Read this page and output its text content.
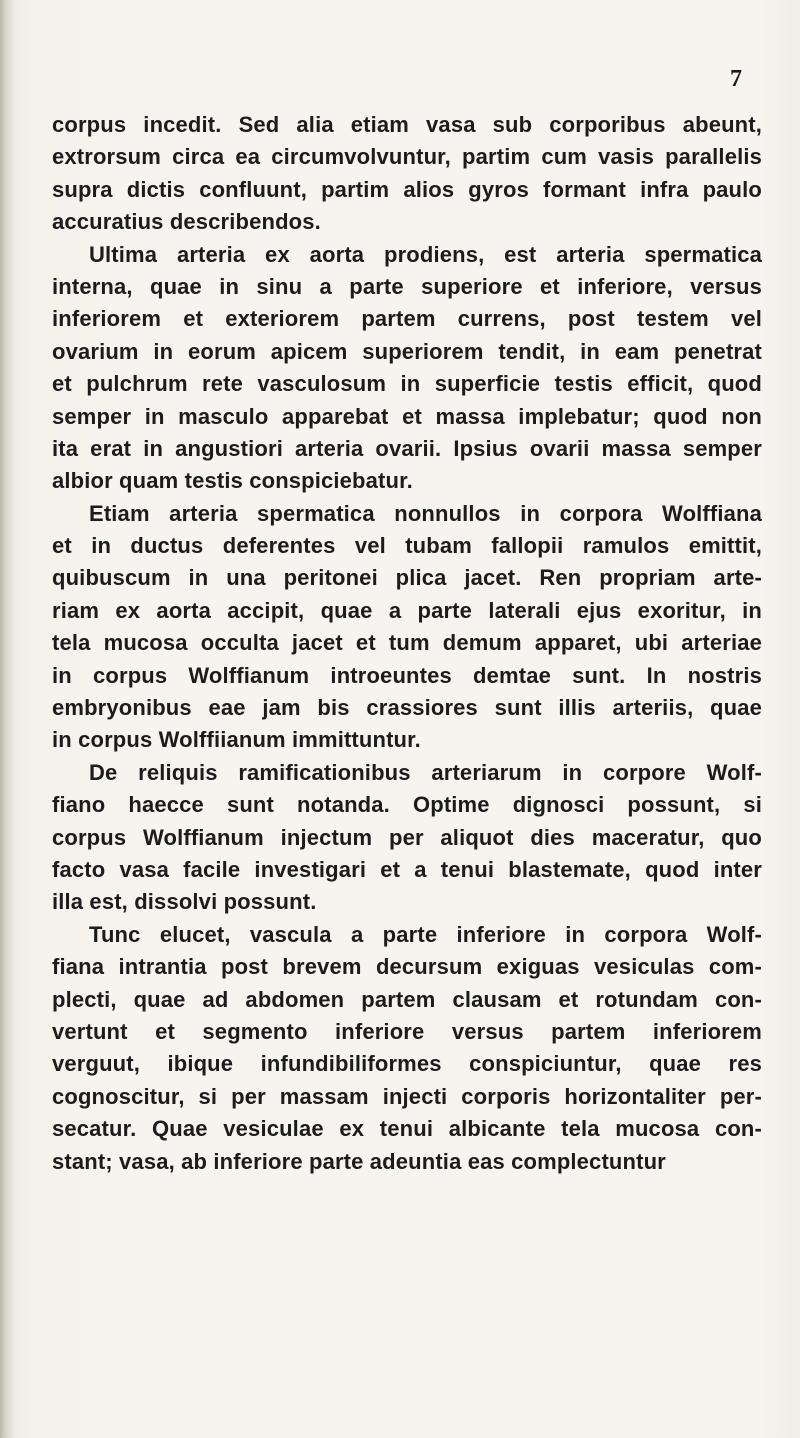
7
corpus incedit. Sed alia etiam vasa sub corporibus abeunt,
extrorsum circa ea circumvolvuntur, partim cum vasis parallelis
supra dictis confluunt, partim alios gyros formant infra paulo
accuratius describendos.
Ultima arteria ex aorta prodiens, est arteria spermatica
interna, quae in sinu a parte superiore et inferiore, versus
inferiorem et exteriorem partem currens, post testem vel
ovarium in eorum apicem superiorem tendit, in eam penetrat
et pulchrum rete vasculosum in superficie testis efficit, quod
semper in masculo apparebat et massa implebatur; quod non
ita erat in angustiori arteria ovarii. Ipsius ovarii massa semper
albior quam testis conspiciebatur.
Etiam arteria spermatica nonnullos in corpora Wolffiana
et in ductus deferentes vel tubam fallopii ramulos emittit,
quibuscum in una peritonei plica jacet. Ren propriam arte-
riam ex aorta accipit, quae a parte laterali ejus exoritur, in
tela mucosa occulta jacet et tum demum apparet, ubi arteriae
in corpus Wolffianum introeuntes demtae sunt. In nostris
embryonibus eae jam bis crassiores sunt illis arteriis, quae
in corpus Wolffiianum immittuntur.
De reliquis ramificationibus arteriarum in corpore Wolf-
fiano haecce sunt notanda. Optime dignosci possunt, si
corpus Wolffianum injectum per aliquot dies maceratur, quo
facto vasa facile investigari et a tenui blastemate, quod inter
illa est, dissolvi possunt.
Tunc elucet, vascula a parte inferiore in corpora Wolf-
fiana intrantia post brevem decursum exiguas vesiculas com-
plecti, quae ad abdomen partem clausam et rotundam con-
vertunt et segmento inferiore versus partem inferiorem
verguut, ibique infundibiliformes conspiciuntur, quae res
cognoscitur, si per massam injecti corporis horizontaliter per-
secatur. Quae vesiculae ex tenui albicante tela mucosa con-
stant; vasa, ab inferiore parte adeuntia eas complectuntur
